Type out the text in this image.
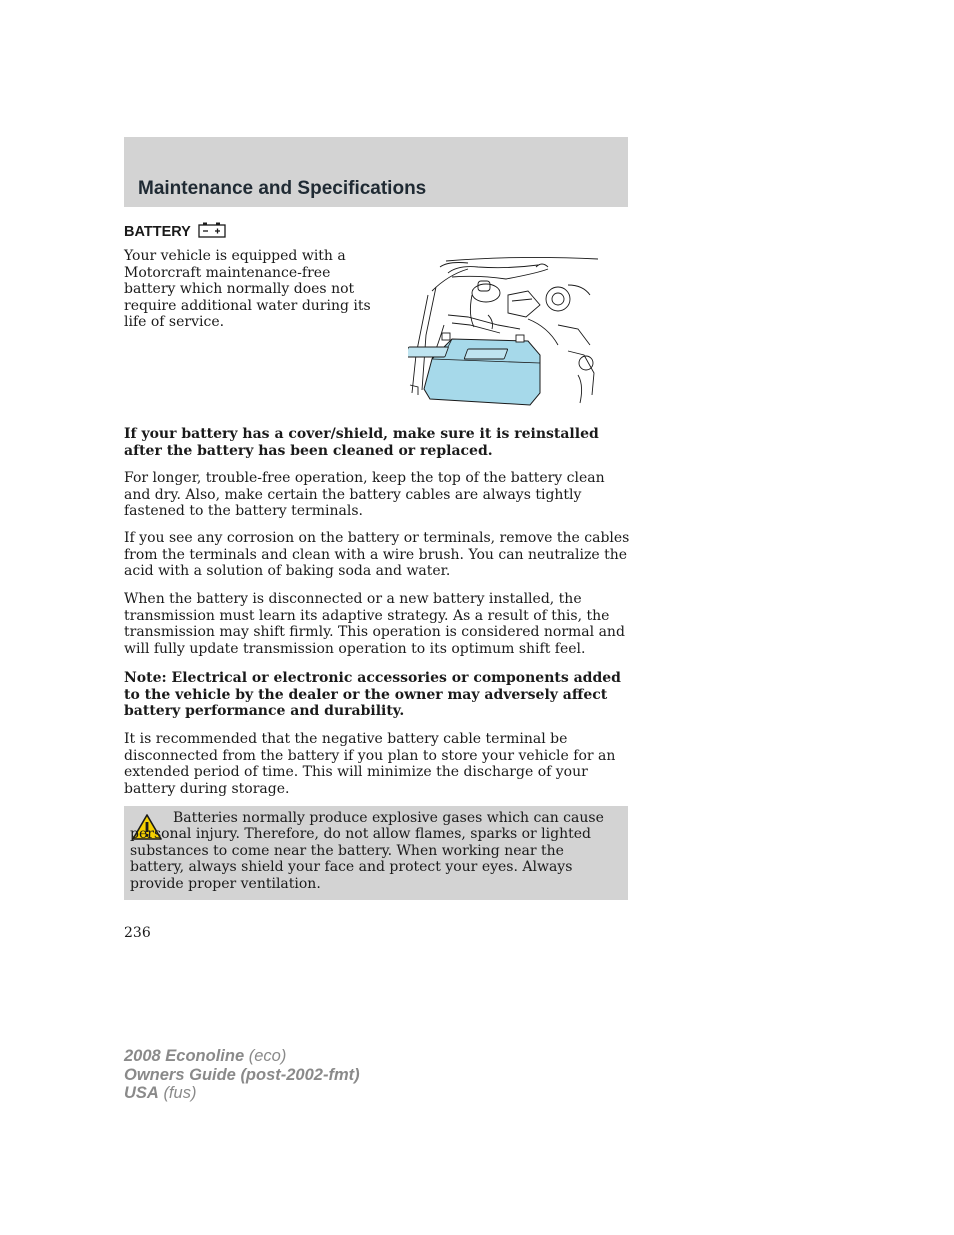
Maintenance and Specifications
BATTERY

Your vehicle is equipped with a Motorcraft maintenance-free battery which normally does not require additional water during its life of service.

If your battery has a cover/shield, make sure it is reinstalled after the battery has been cleaned or replaced.

For longer, trouble-free operation, keep the top of the battery clean and dry. Also, make certain the battery cables are always tightly fastened to the battery terminals.

If you see any corrosion on the battery or terminals, remove the cables from the terminals and clean with a wire brush. You can neutralize the acid with a solution of baking soda and water.

When the battery is disconnected or a new battery installed, the transmission must learn its adaptive strategy. As a result of this, the transmission may shift firmly. This operation is considered normal and will fully update transmission operation to its optimum shift feel.

Note: Electrical or electronic accessories or components added to the vehicle by the dealer or the owner may adversely affect battery performance and durability.

It is recommended that the negative battery cable terminal be disconnected from the battery if you plan to store your vehicle for an extended period of time. This will minimize the discharge of your battery during storage.

Batteries normally produce explosive gases which can cause personal injury. Therefore, do not allow flames, sparks or lighted substances to come near the battery. When working near the battery, always shield your face and protect your eyes. Always provide proper ventilation.

236

2008 Econoline (eco)
Owners Guide (post-2002-fmt)
USA (fus)
